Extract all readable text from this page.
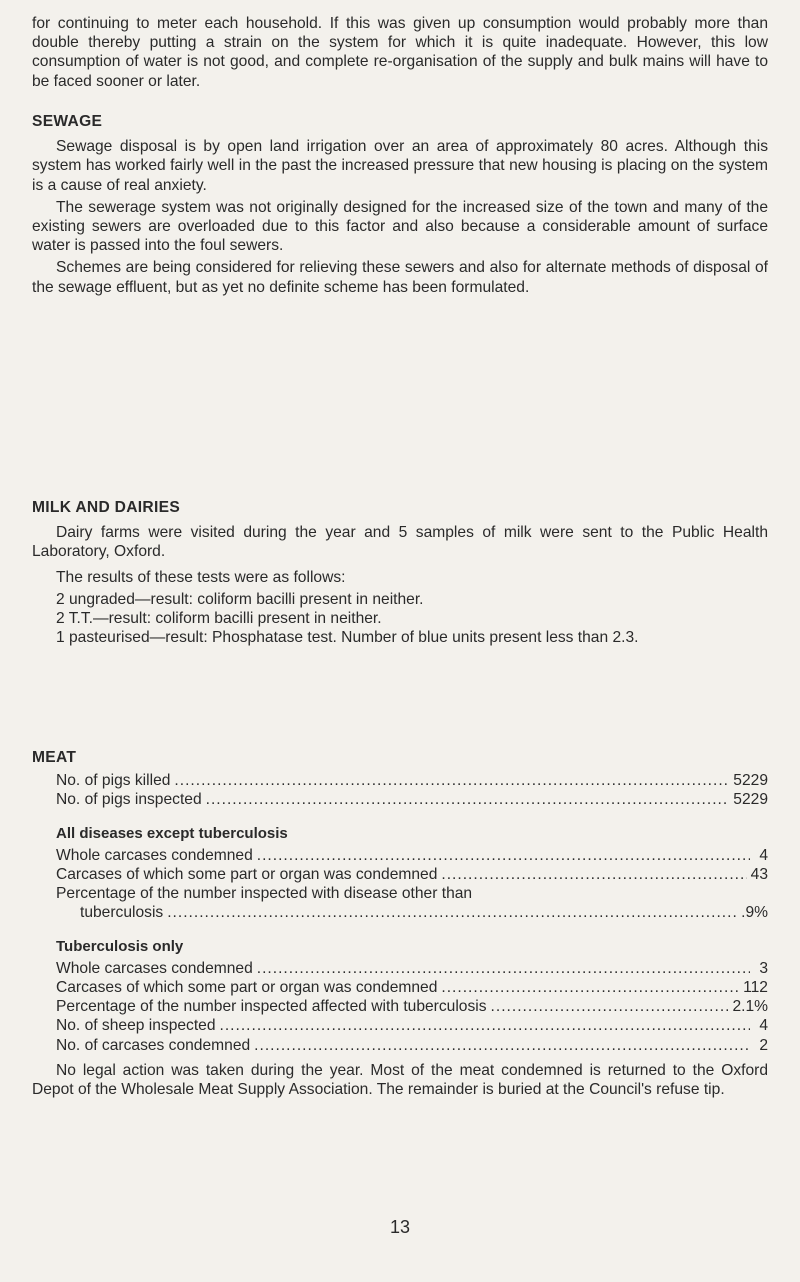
for continuing to meter each household. If this was given up consumption would probably more than double thereby putting a strain on the system for which it is quite inadequate. However, this low consumption of water is not good, and complete re-organisation of the supply and bulk mains will have to be faced sooner or later.

SEWAGE

Sewage disposal is by open land irrigation over an area of approximately 80 acres. Although this system has worked fairly well in the past the increased pressure that new housing is placing on the system is a cause of real anxiety.

The sewerage system was not originally designed for the increased size of the town and many of the existing sewers are overloaded due to this factor and also because a considerable amount of surface water is passed into the foul sewers.

Schemes are being considered for relieving these sewers and also for alternate methods of disposal of the sewage effluent, but as yet no definite scheme has been formulated.

MILK AND DAIRIES

Dairy farms were visited during the year and 5 samples of milk were sent to the Public Health Laboratory, Oxford.

The results of these tests were as follows:

2 ungraded—result: coliform bacilli present in neither.

2 T.T.—result: coliform bacilli present in neither.

1 pasteurised—result: Phosphatase test. Number of blue units present less than 2.3.

MEAT
No. of pigs killed .....	5229
No. of pigs inspected .....	5229
All diseases except tuberculosis
Whole carcases condemned .....	4
Carcases of which some part or organ was condemned .....	43
Percentage of the number inspected with disease other than
tuberculosis .....	.9%
Tuberculosis only
Whole carcases condemned .....	3
Carcases of which some part or organ was condemned .....	112
Percentage of the number inspected affected with tuberculosis .....	2.1%
No. of sheep inspected .....	4
No. of carcases condemned .....	2

No legal action was taken during the year. Most of the meat condemned is returned to the Oxford Depot of the Wholesale Meat Supply Association. The remainder is buried at the Council's refuse tip.

13
